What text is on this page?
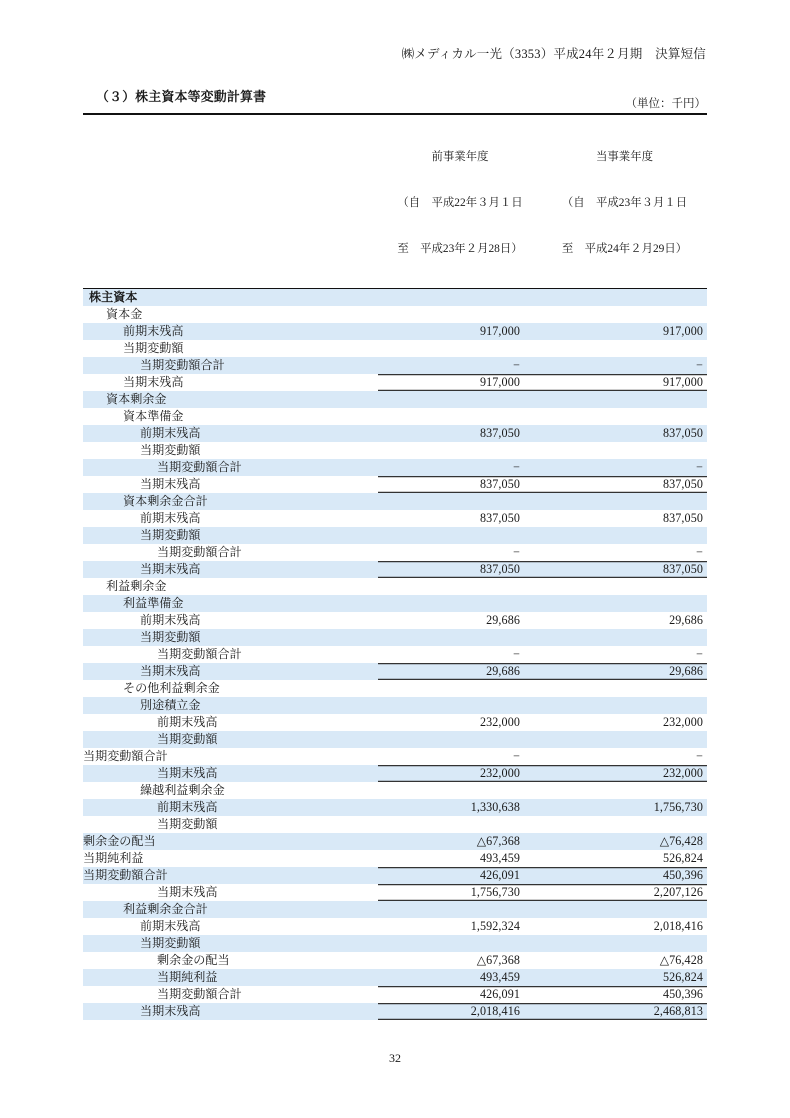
㈱メディカル一光（3353）平成24年２月期　決算短信
（３）株主資本等変動計算書	（単位：千円）

	前事業年度

（自　平成22年３月１日

至　平成23年２月28日）	当事業年度

（自　平成23年３月１日

至　平成24年２月29日）

株主資本		
資本金		
前期末残高	917,000	917,000
当期変動額		
当期変動額合計	−	−
当期末残高	917,000	917,000
資本剰余金		
資本準備金		
前期末残高	837,050	837,050
当期変動額		
当期変動額合計	−	−
当期末残高	837,050	837,050
資本剰余金合計		
前期末残高	837,050	837,050
当期変動額		
当期変動額合計	−	−
当期末残高	837,050	837,050
利益剰余金		
利益準備金		
前期末残高	29,686	29,686
当期変動額		
当期変動額合計	−	−
当期末残高	29,686	29,686
その他利益剰余金		
別途積立金		
前期末残高	232,000	232,000
当期変動額		
当期変動額合計	−	−
当期末残高	232,000	232,000
繰越利益剰余金		
前期末残高	1,330,638	1,756,730
当期変動額		
剰余金の配当	△67,368	△76,428
当期純利益	493,459	526,824
当期変動額合計	426,091	450,396
当期末残高	1,756,730	2,207,126
利益剰余金合計		
前期末残高	1,592,324	2,018,416
当期変動額		
剰余金の配当	△67,368	△76,428
当期純利益	493,459	526,824
当期変動額合計	426,091	450,396
当期末残高	2,018,416	2,468,813
32
